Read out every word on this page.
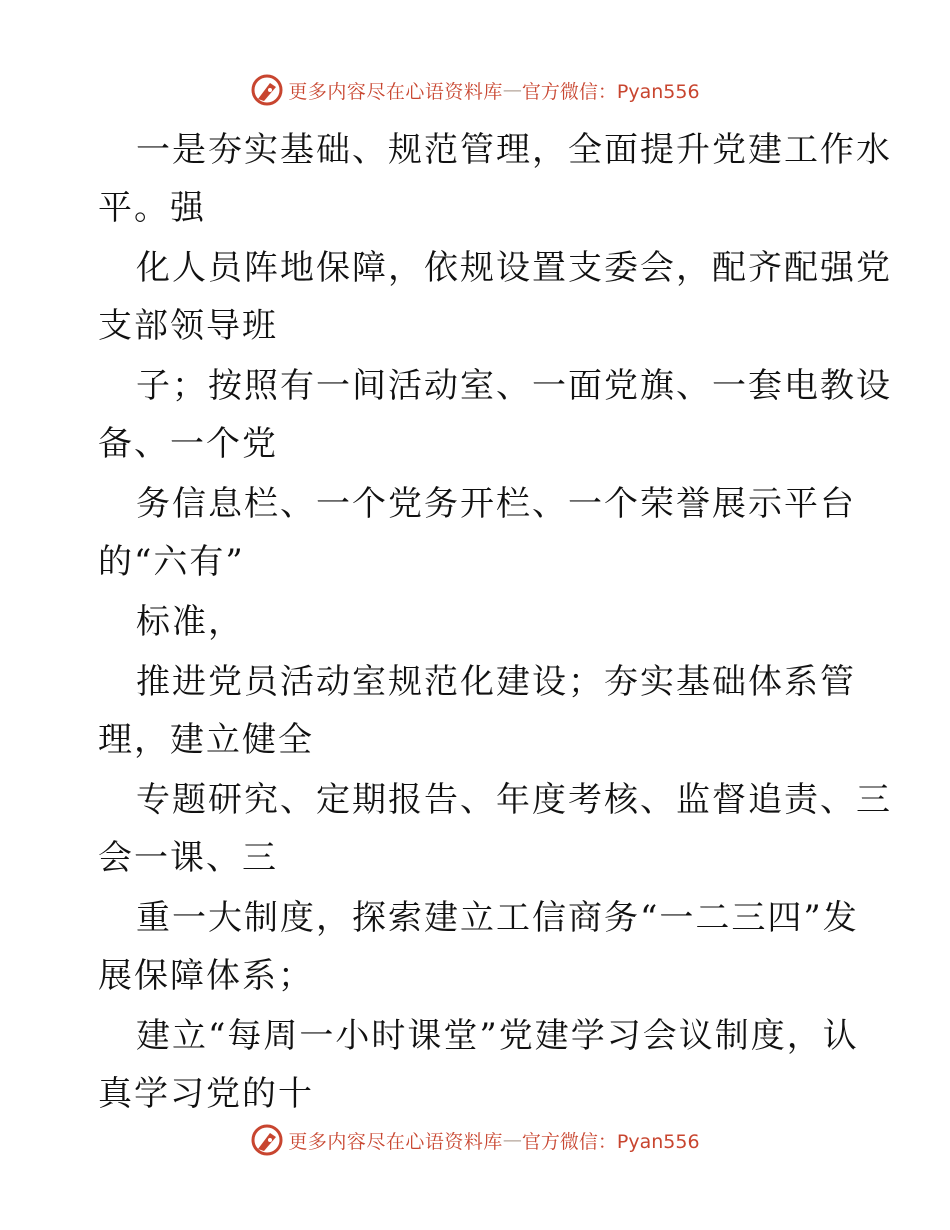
更多内容尽在心语资料库 — 官方微信：Pyan556
一是夯实基础、规范管理，全面提升党建工作水
平。强
化人员阵地保障，依规设置支委会，配齐配强党
支部领导班
子；按照有一间活动室、一面党旗、一套电教设
备、一个党
务信息栏、一个党务开栏、一个荣誉展示平台
的“六有”
标准，
推进党员活动室规范化建设；夯实基础体系管
理，建立健全
专题研究、定期报告、年度考核、监督追责、三
会一课、三
重一大制度，探索建立工信商务“一二三四”发
展保障体系；
建立“每周一小时课堂”党建学习会议制度，认
真学习党的十
更多内容尽在心语资料库 — 官方微信：Pyan556
